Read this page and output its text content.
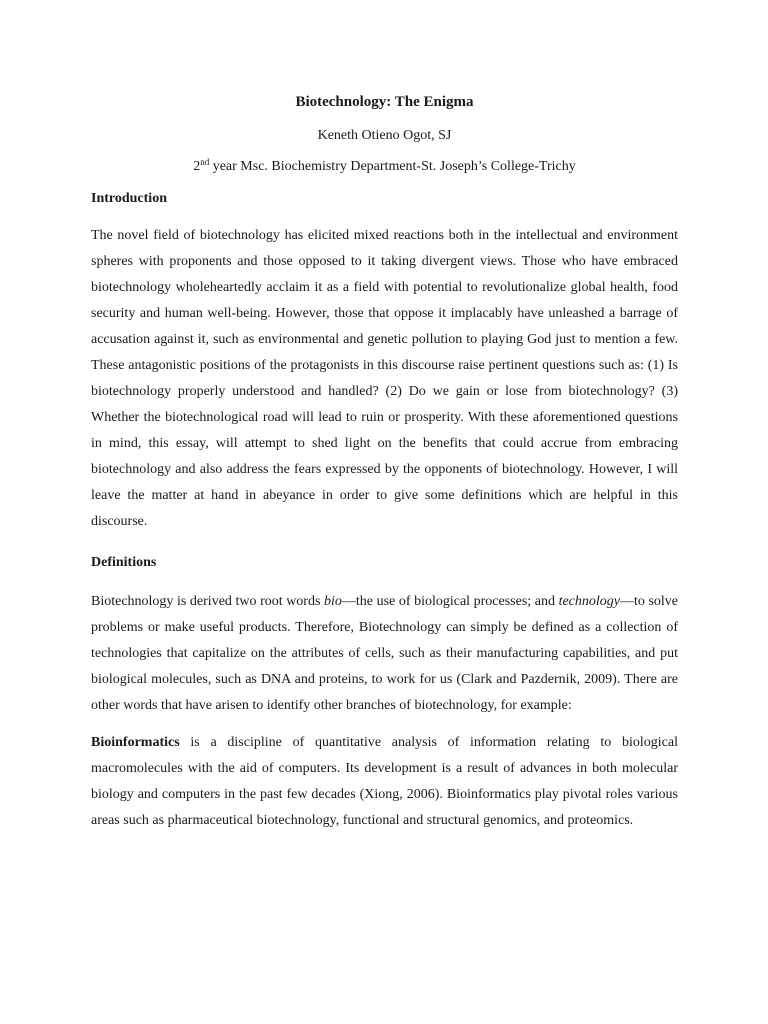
Biotechnology: The Enigma

Keneth Otieno Ogot, SJ

2nd year Msc. Biochemistry Department-St. Joseph’s College-Trichy

Introduction

The novel field of biotechnology has elicited mixed reactions both in the intellectual and environment spheres with proponents and those opposed to it taking divergent views. Those who have embraced biotechnology wholeheartedly acclaim it as a field with potential to revolutionalize global health, food security and human well-being. However, those that oppose it implacably have unleashed a barrage of accusation against it, such as environmental and genetic pollution to playing God just to mention a few. These antagonistic positions of the protagonists in this discourse raise pertinent questions such as: (1) Is biotechnology properly understood and handled? (2) Do we gain or lose from biotechnology? (3) Whether the biotechnological road will lead to ruin or prosperity. With these aforementioned questions in mind, this essay, will attempt to shed light on the benefits that could accrue from embracing biotechnology and also address the fears expressed by the opponents of biotechnology. However, I will leave the matter at hand in abeyance in order to give some definitions which are helpful in this discourse.

Definitions

Biotechnology is derived two root words bio—the use of biological processes; and technology—to solve problems or make useful products. Therefore, Biotechnology can simply be defined as a collection of technologies that capitalize on the attributes of cells, such as their manufacturing capabilities, and put biological molecules, such as DNA and proteins, to work for us (Clark and Pazdernik, 2009). There are other words that have arisen to identify other branches of biotechnology, for example:

Bioinformatics is a discipline of quantitative analysis of information relating to biological macromolecules with the aid of computers. Its development is a result of advances in both molecular biology and computers in the past few decades (Xiong, 2006). Bioinformatics play pivotal roles various areas such as pharmaceutical biotechnology, functional and structural genomics, and proteomics.
